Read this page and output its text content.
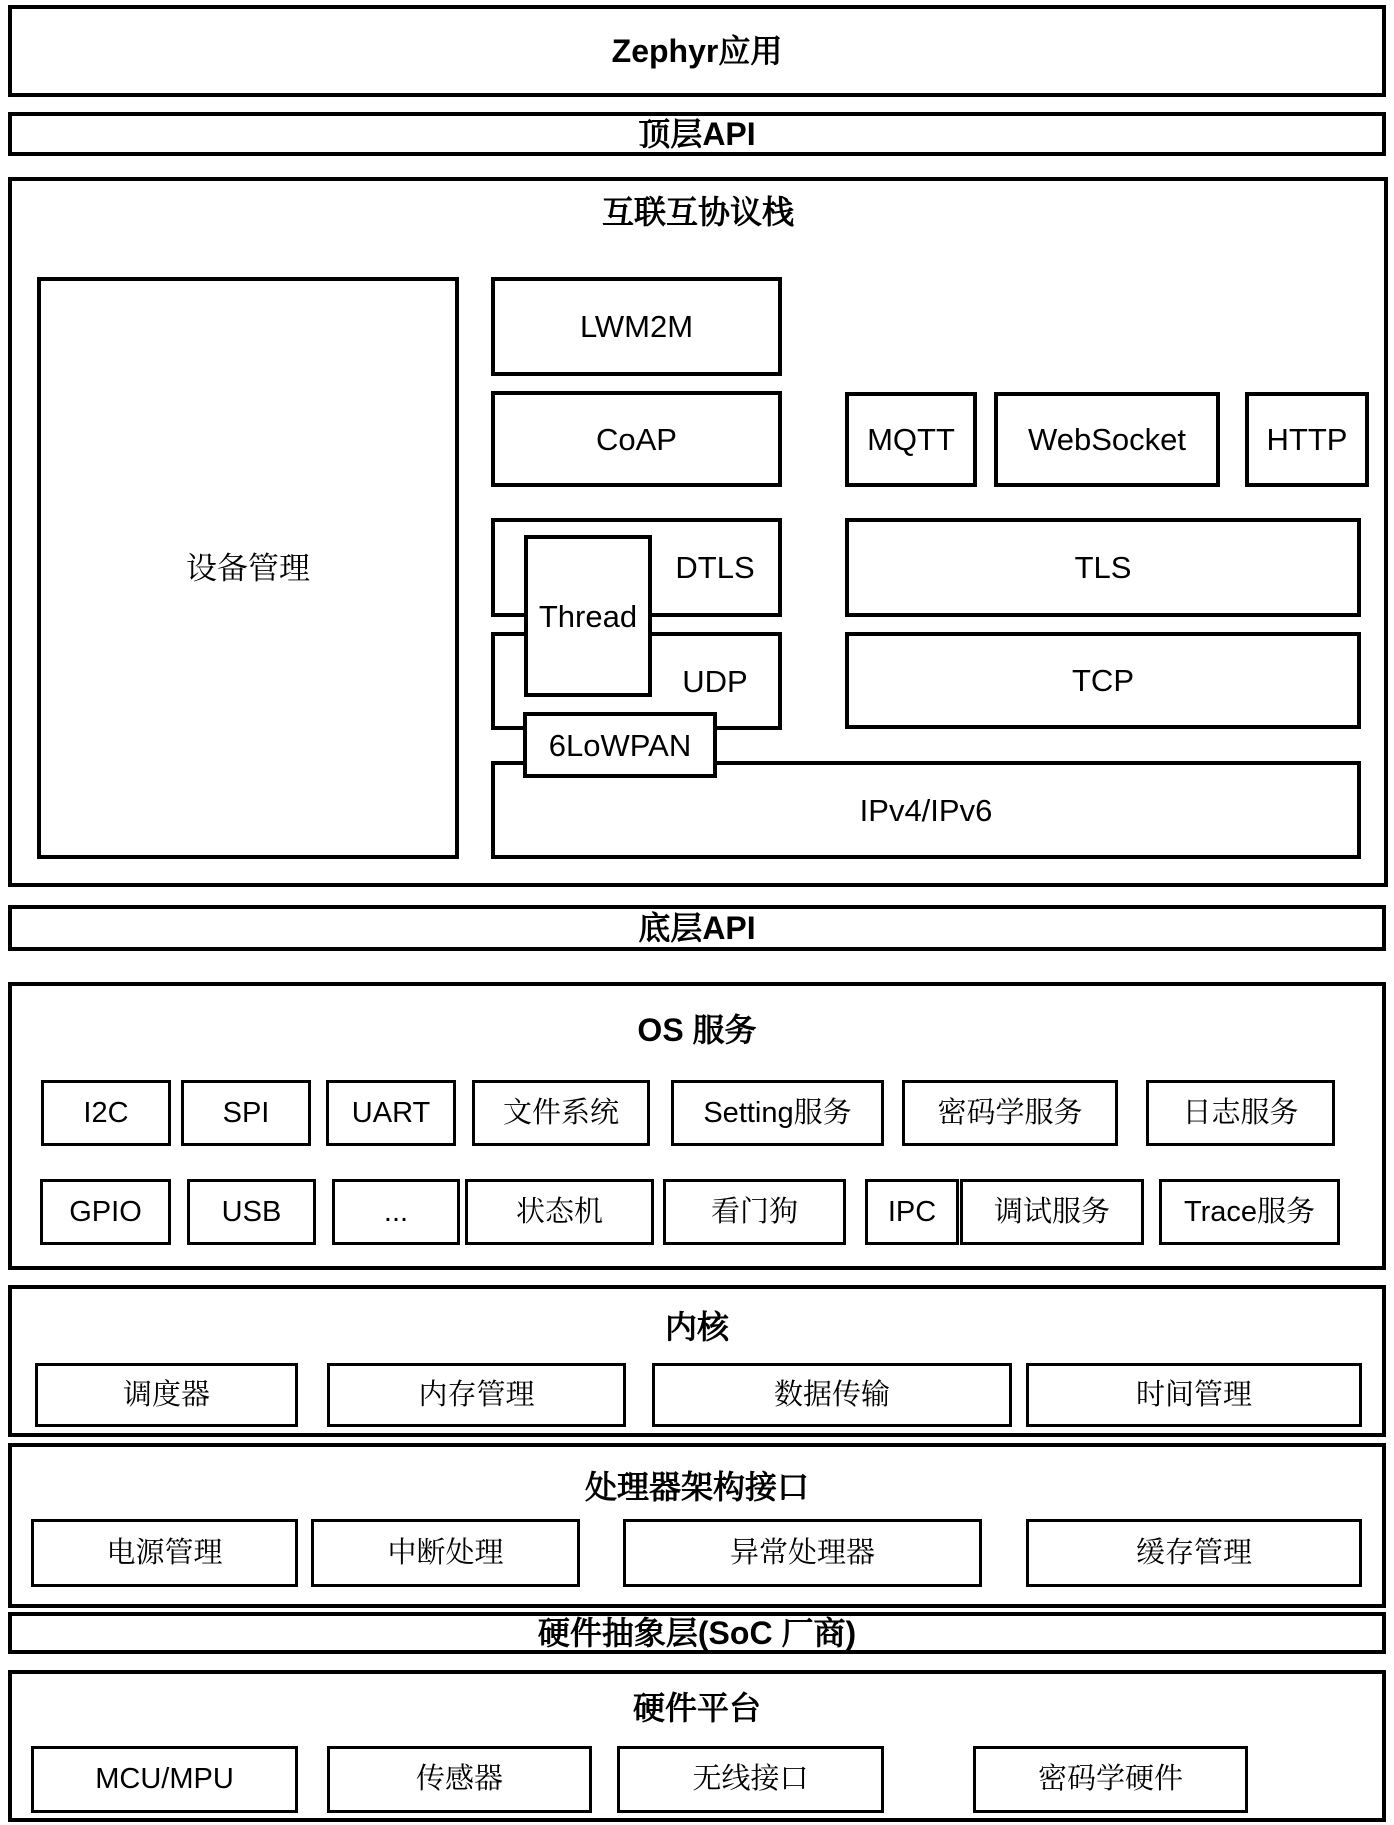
Zephyr应用
顶层API
互联互协议栈
设备管理
LWM2M
CoAP
DTLS
UDP
Thread
6LoWPAN
IPv4/IPv6
MQTT	WebSocket	HTTP
TLS
TCP
底层API
OS 服务
I2C	SPI	UART	文件系统	Setting服务	密码学服务	日志服务
GPIO	USB	...	状态机	看门狗	IPC	调试服务	Trace服务
内核
调度器	内存管理	数据传输	时间管理
处理器架构接口
电源管理	中断处理	异常处理器	缓存管理
硬件抽象层(SoC 厂商)
硬件平台
MCU/MPU	传感器	无线接口	密码学硬件
